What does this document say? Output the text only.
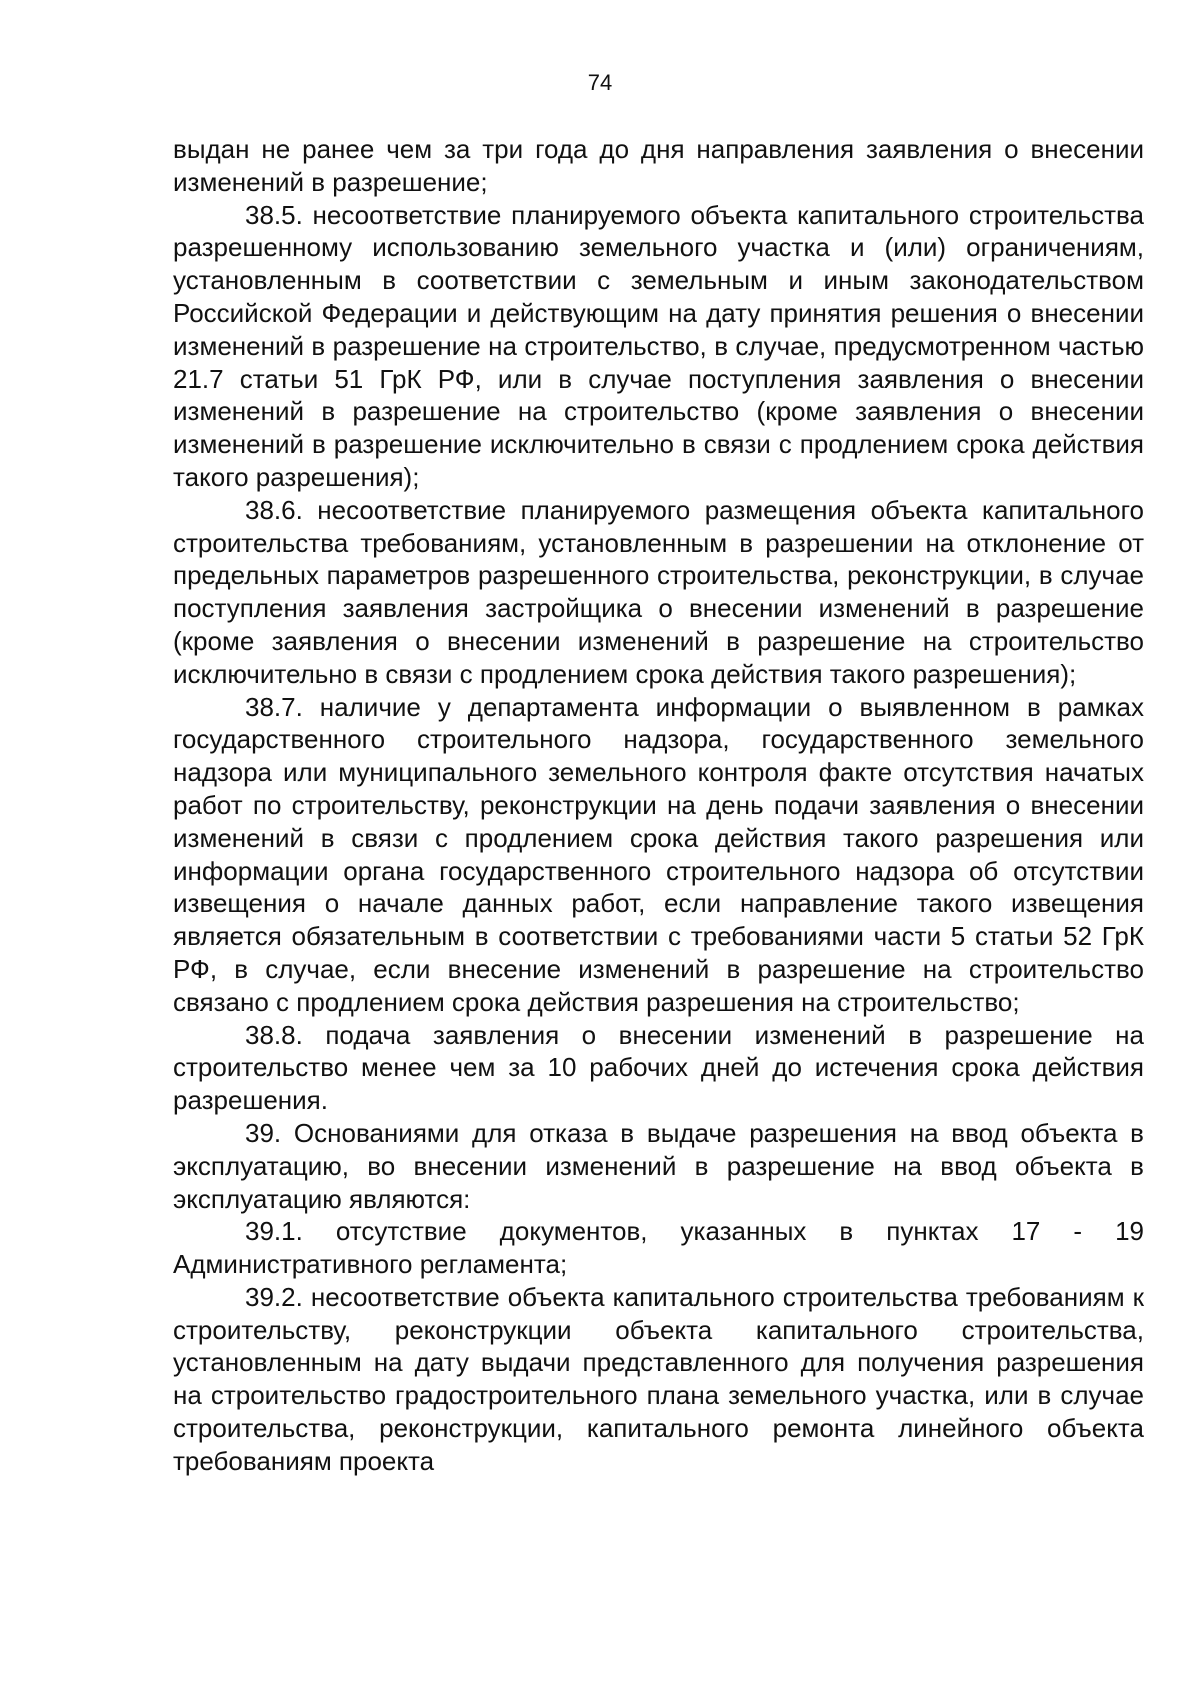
74

выдан не ранее чем за три года до дня направления заявления о внесении изменений в разрешение;

38.5. несоответствие планируемого объекта капитального строительства разрешенному использованию земельного участка и (или) ограничениям, установленным в соответствии с земельным и иным законодательством Российской Федерации и действующим на дату принятия решения о внесении изменений в разрешение на строительство, в случае, предусмотренном частью 21.7 статьи 51 ГрК РФ, или в случае поступления заявления о внесении изменений в разрешение на строительство (кроме заявления о внесении изменений в разрешение исключительно в связи с продлением срока действия такого разрешения);

38.6. несоответствие планируемого размещения объекта капитального строительства требованиям, установленным в разрешении на отклонение от предельных параметров разрешенного строительства, реконструкции, в случае поступления заявления застройщика о внесении изменений в разрешение (кроме заявления о внесении изменений в разрешение на строительство исключительно в связи с продлением срока действия такого разрешения);

38.7. наличие у департамента информации о выявленном в рамках государственного строительного надзора, государственного земельного надзора или муниципального земельного контроля факте отсутствия начатых работ по строительству, реконструкции на день подачи заявления о внесении изменений в связи с продлением срока действия такого разрешения или информации органа государственного строительного надзора об отсутствии извещения о начале данных работ, если направление такого извещения является обязательным в соответствии с требованиями части 5 статьи 52 ГрК РФ, в случае, если внесение изменений в разрешение на строительство связано с продлением срока действия разрешения на строительство;

38.8. подача заявления о внесении изменений в разрешение на строительство менее чем за 10 рабочих дней до истечения срока действия разрешения.

39. Основаниями для отказа в выдаче разрешения на ввод объекта в эксплуатацию, во внесении изменений в разрешение на ввод объекта в эксплуатацию являются:

39.1. отсутствие документов, указанных в пунктах 17 - 19 Административного регламента;

39.2. несоответствие объекта капитального строительства требованиям к строительству, реконструкции объекта капитального строительства, установленным на дату выдачи представленного для получения разрешения на строительство градостроительного плана земельного участка, или в случае строительства, реконструкции, капитального ремонта линейного объекта требованиям проекта
